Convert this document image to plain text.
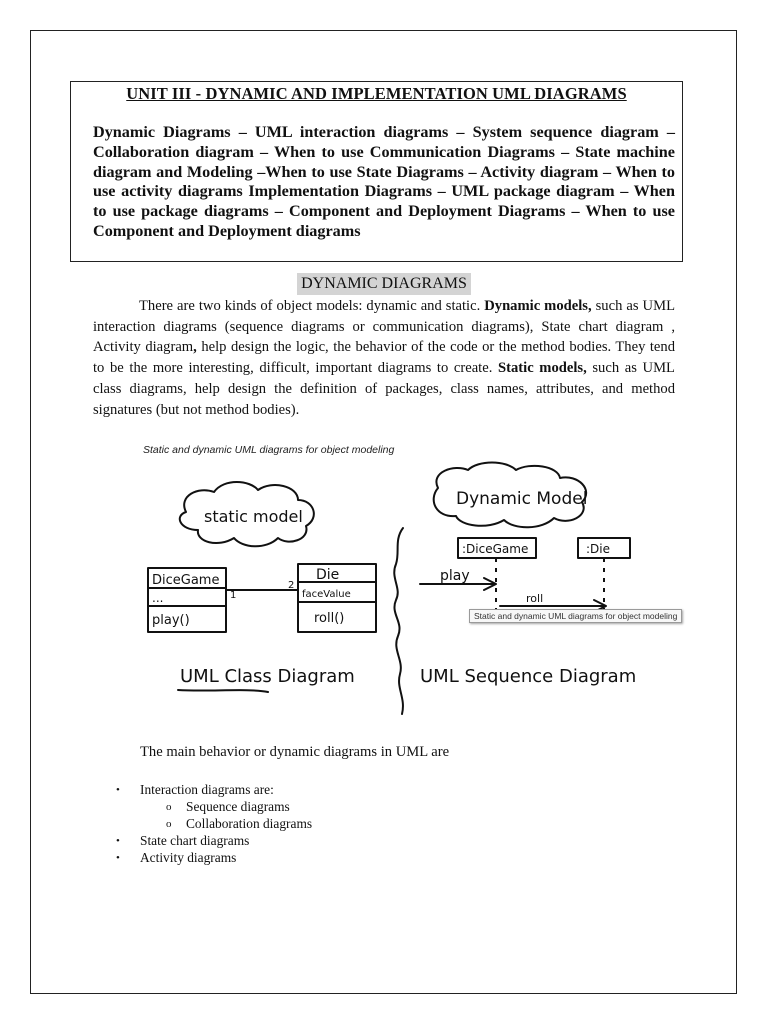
UNIT III - DYNAMIC AND IMPLEMENTATION UML DIAGRAMS
Dynamic Diagrams – UML interaction diagrams – System sequence diagram – Collaboration diagram – When to use Communication Diagrams – State machine diagram and Modeling –When to use State Diagrams – Activity diagram – When to use activity diagrams Implementation Diagrams – UML package diagram – When to use package diagrams – Component and Deployment Diagrams – When to use Component and Deployment diagrams
DYNAMIC DIAGRAMS
There are two kinds of object models: dynamic and static. Dynamic models, such as UML interaction diagrams (sequence diagrams or communication diagrams), State chart diagram , Activity diagram, help design the logic, the behavior of the code or the method bodies. They tend to be the more interesting, difficult, important diagrams to create. Static models, such as UML class diagrams, help design the definition of packages, class names, attributes, and method signatures (but not method bodies).
Static and dynamic UML diagrams for object modeling
static model
Dynamic Model
DiceGame
...
play()
Die
faceValue
roll()
1
2
:DiceGame	:Die
play
roll
UML Class Diagram	UML Sequence Diagram
Static and dynamic UML diagrams for object modeling
The main behavior or dynamic diagrams in UML are
• Interaction diagrams are:
o Sequence diagrams
o Collaboration diagrams
• State chart diagrams
• Activity diagrams
